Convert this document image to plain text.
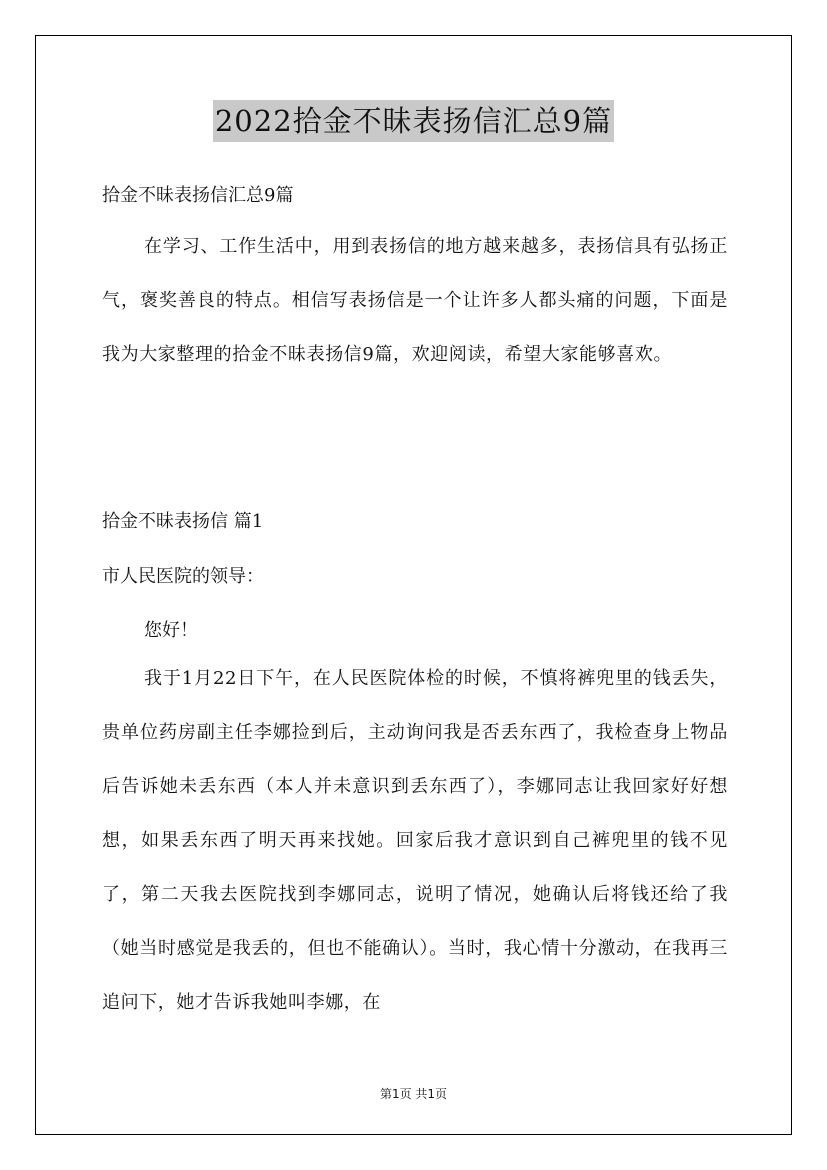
2022拾金不昧表扬信汇总9篇
拾金不昧表扬信汇总9篇
在学习、工作生活中，用到表扬信的地方越来越多，表扬信具有弘扬正气，褒奖善良的特点。相信写表扬信是一个让许多人都头痛的问题，下面是我为大家整理的拾金不昧表扬信9篇，欢迎阅读，希望大家能够喜欢。
拾金不昧表扬信 篇1
市人民医院的领导：
您好！
我于1月22日下午，在人民医院体检的时候，不慎将裤兜里的钱丢失，贵单位药房副主任李娜捡到后，主动询问我是否丢东西了，我检查身上物品后告诉她未丢东西（本人并未意识到丢东西了），李娜同志让我回家好好想想，如果丢东西了明天再来找她。回家后我才意识到自己裤兜里的钱不见了，第二天我去医院找到李娜同志，说明了情况，她确认后将钱还给了我（她当时感觉是我丢的，但也不能确认）。当时，我心情十分激动，在我再三追问下，她才告诉我她叫李娜，在
第1页 共1页
